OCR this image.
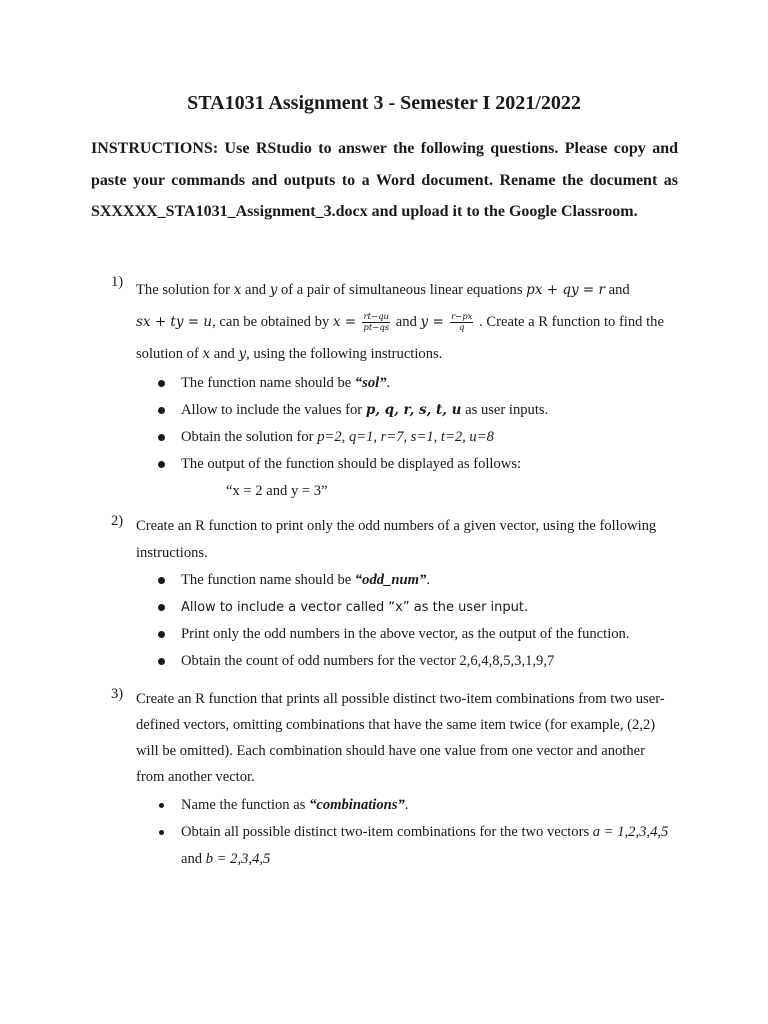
STA1031 Assignment 3 - Semester I 2021/2022

INSTRUCTIONS: Use RStudio to answer the following questions. Please copy and paste your commands and outputs to a Word document. Rename the document as SXXXXX_STA1031_Assignment_3.docx and upload it to the Google Classroom.

1) The solution for x and y of a pair of simultaneous linear equations px + qy = r and
sx + ty = u, can be obtained by $x = \frac{rt-qu}{pt-qs}$ and $y = \frac{r-px}{q}$ . Create a R function to find the
solution of x and y, using the following instructions.
The function name should be “sol”.
Allow to include the values for p, q, r, s, t, u as user inputs.
Obtain the solution for p=2, q=1, r=7, s=1, t=2, u=8
The output of the function should be displayed as follows:
“x = 2 and y = 3”
2) Create an R function to print only the odd numbers of a given vector, using the following
instructions.
The function name should be “odd_num”.
Allow to include a vector called “x” as the user input.
Print only the odd numbers in the above vector, as the output of the function.
Obtain the count of odd numbers for the vector 2,6,4,8,5,3,1,9,7
3) Create an R function that prints all possible distinct two-item combinations from two user-
defined vectors, omitting combinations that have the same item twice (for example, (2,2)
will be omitted). Each combination should have one value from one vector and another
from another vector.
Name the function as “combinations”.
Obtain all possible distinct two-item combinations for the two vectors a = 1,2,3,4,5
and b = 2,3,4,5
